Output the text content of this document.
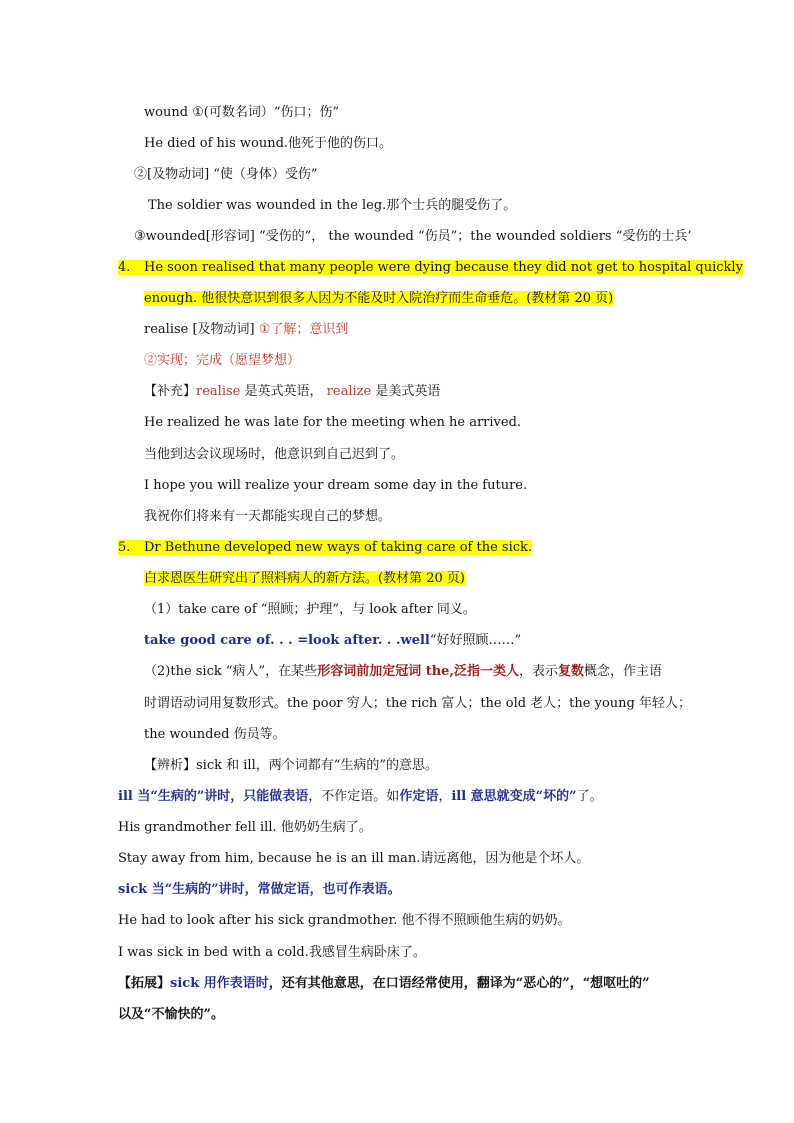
wound ①(可数名词）“伤口；伤”
He died of his wound.他死于他的伤口。
②[及物动词] “使（身体）受伤”
The soldier was wounded in the leg.那个士兵的腿受伤了。
③wounded[形容词] “受伤的”， the wounded “伤员”；the wounded soldiers “受伤的士兵’
4. He soon realised that many people were dying because they did not get to hospital quickly
enough. 他很快意识到很多人因为不能及时入院治疗而生命垂危。(教材第 20 页)
realise [及物动词] ①了解；意识到
②实现；完成（愿望梦想）
【补充】realise 是英式英语， realize 是美式英语
He realized he was late for the meeting when he arrived.
当他到达会议现场时，他意识到自己迟到了。
I hope you will realize your dream some day in the future.
我祝你们将来有一天都能实现自己的梦想。
5. Dr Bethune developed new ways of taking care of the sick.
白求恩医生研究出了照料病人的新方法。(教材第 20 页)
（1）take care of “照顾；护理”，与 look after 同义。
take good care of. . . =look after. . .well“好好照顾……”
（2)the sick “病人”，在某些形容词前加定冠词 the,泛指一类人，表示复数概念，作主语
时谓语动词用复数形式。the poor 穷人；the rich 富人；the old 老人；the young 年轻人；
the wounded 伤员等。
【辨析】sick 和 ill，两个词都有“生病的”的意思。
ill 当“生病的”讲时，只能做表语，不作定语。如作定语，ill 意思就变成“坏的”了。
His grandmother fell ill. 他奶奶生病了。
Stay away from him, because he is an ill man.请远离他，因为他是个坏人。
sick 当“生病的”讲时，常做定语，也可作表语。
He had to look after his sick grandmother. 他不得不照顾他生病的奶奶。
I was sick in bed with a cold.我感冒生病卧床了。
【拓展】sick 用作表语时，还有其他意思，在口语经常使用，翻译为“恶心的”，“想呕吐的”
以及“不愉快的”。
